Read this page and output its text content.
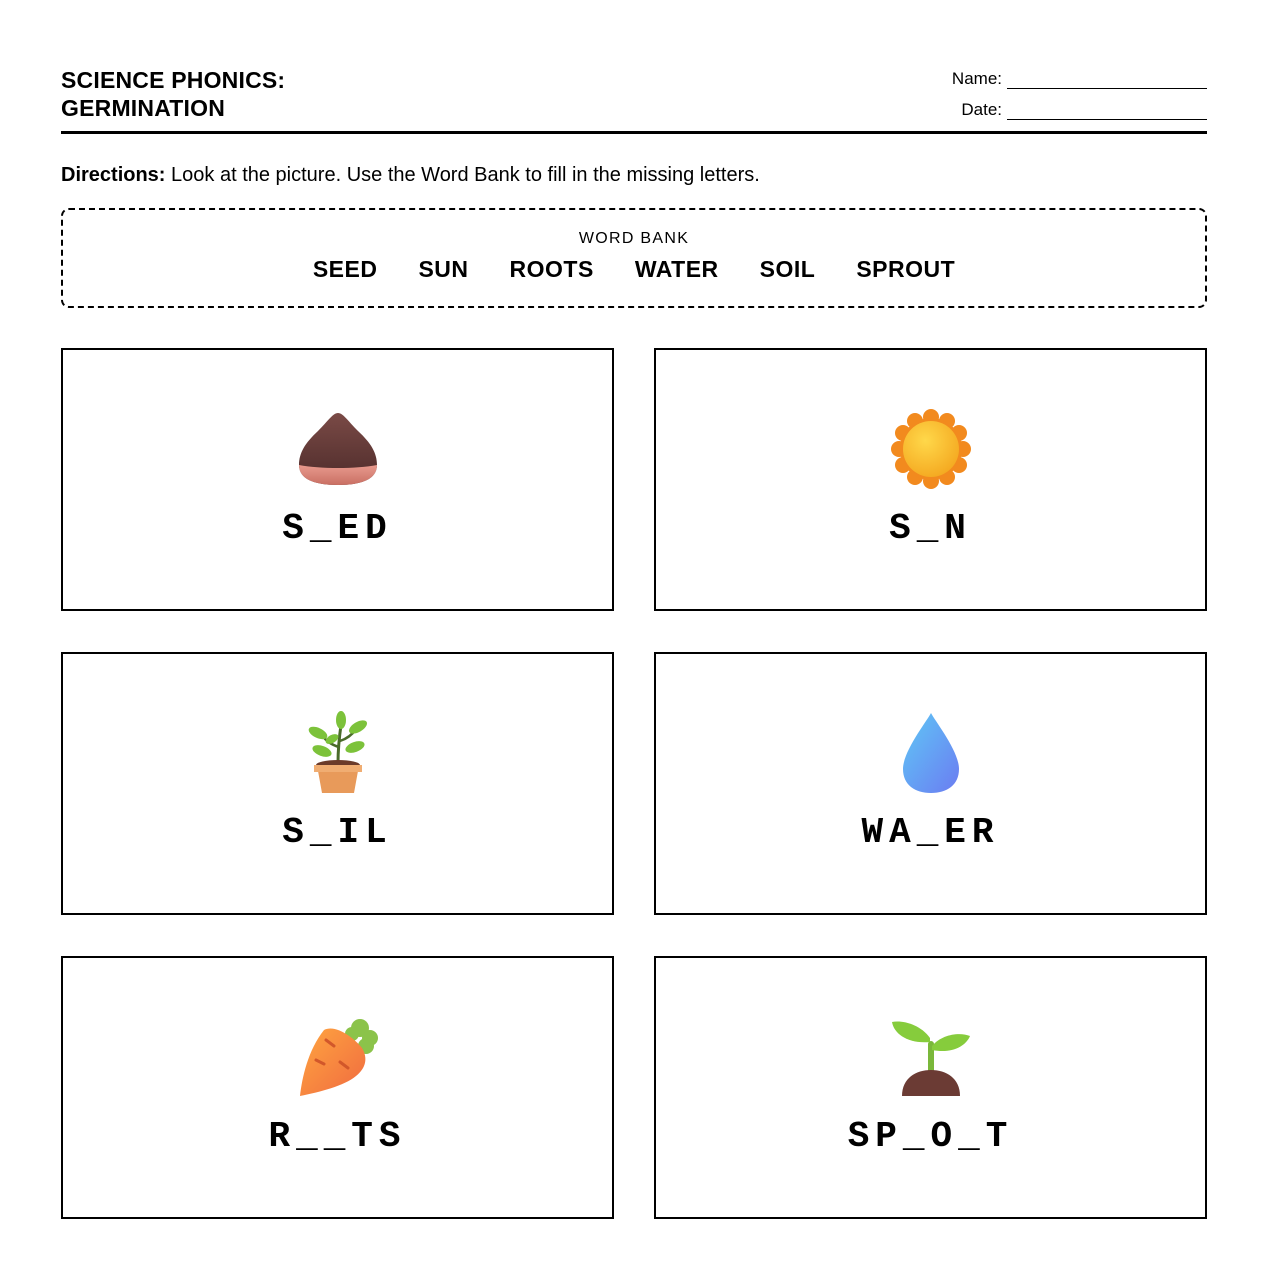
SCIENCE PHONICS:
GERMINATION
Name:
Date:
Directions: Look at the picture. Use the Word Bank to fill in the missing letters.
WORD BANK
SEED SUN ROOTS WATER SOIL SPROUT
S_ED	S_N
S_IL	WA_ER
R__TS	SP_O_T
